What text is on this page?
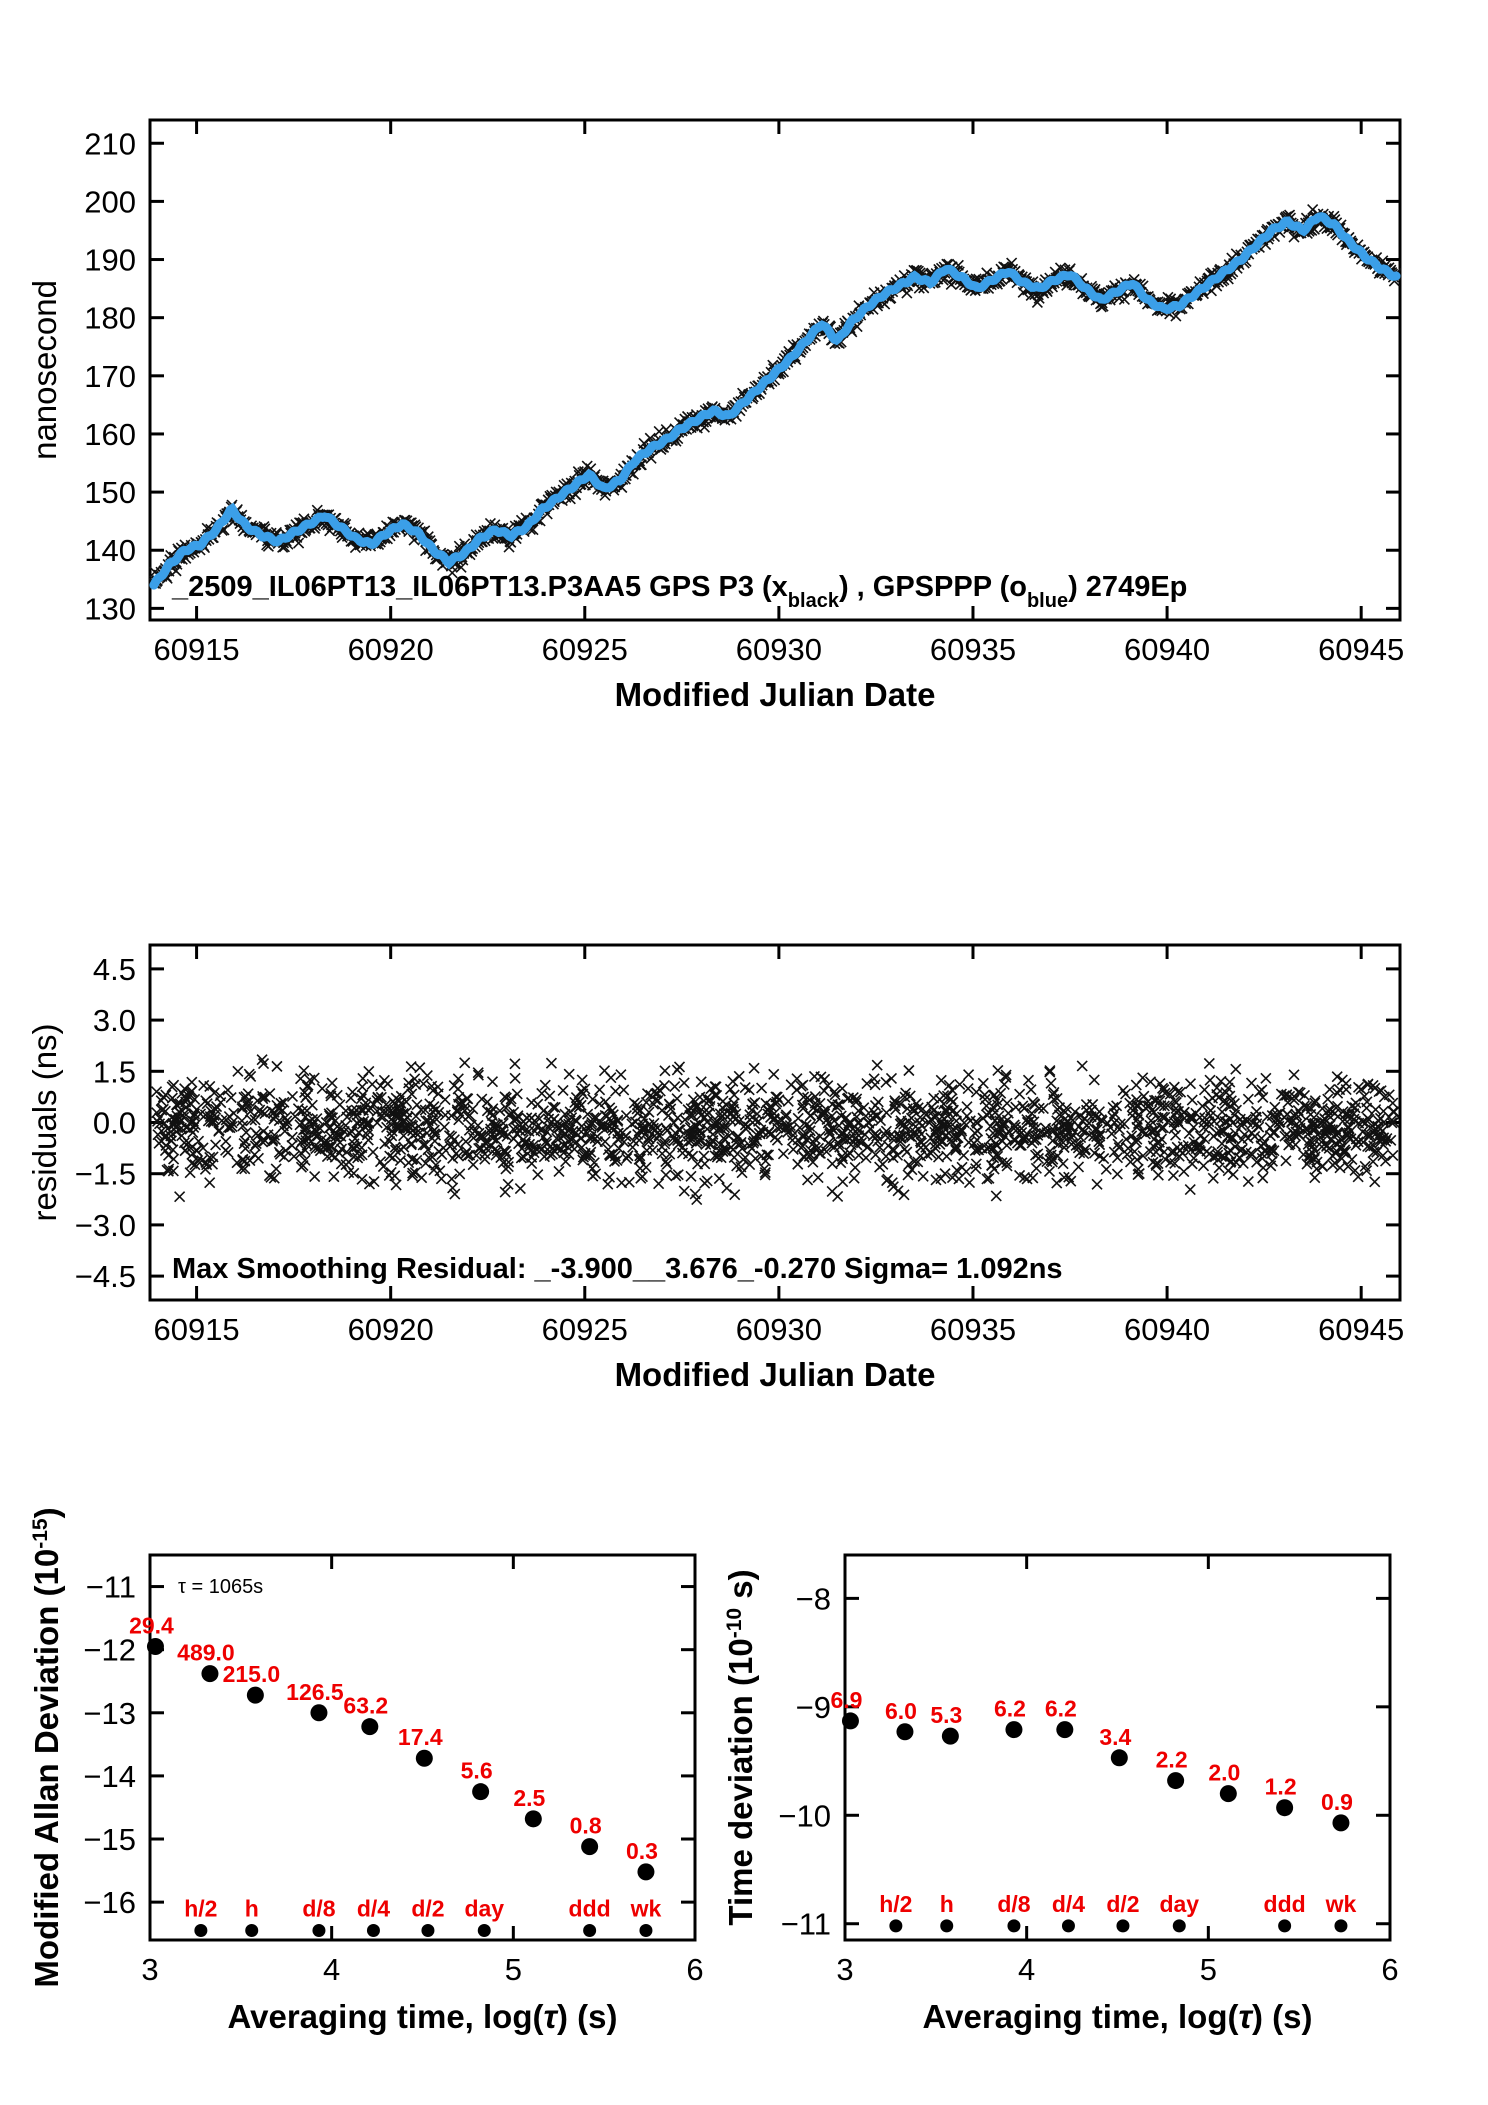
60915	60920	60925	60930	60935	60940	60945
130
140
150
160
170
180
190
200
210
_2509_IL06PT13_IL06PT13.P3AA5 GPS P3 $(x_{black})$ , GPSPPP $(o_{blue})$ 2749Ep
Modified Julian Date
nanosecond
60915	60920	60925	60930	60935	60940	60945
−4.5
−3.0
−1.5
0.0
1.5
3.0
4.5
Max Smoothing Residual: _-3.900__3.676_-0.270 Sigma= 1.092ns
Modified Julian Date
residuals (ns)
3	4	5	6
−16
−15
−14
−13
−12
−11
29.4
489.0
215.0
126.5
63.2
17.4
5.6
2.5
0.8
0.3
h/2 h d/8 d/4 d/2 day	ddd wk
Averaging time, log(τ) (s)
Modified Allan Deviation $(10^{-15})$
τ = 1065s
3	4	5	6
−11
−10
−9
−8
6.9 6.0 5.3 6.2 6.2
3.4
2.2
2.0
1.2
0.9
h/2 h d/8 d/4 d/2 day	ddd wk
Averaging time, log(τ) (s)
Time deviation ($10^{-10}$ s)
